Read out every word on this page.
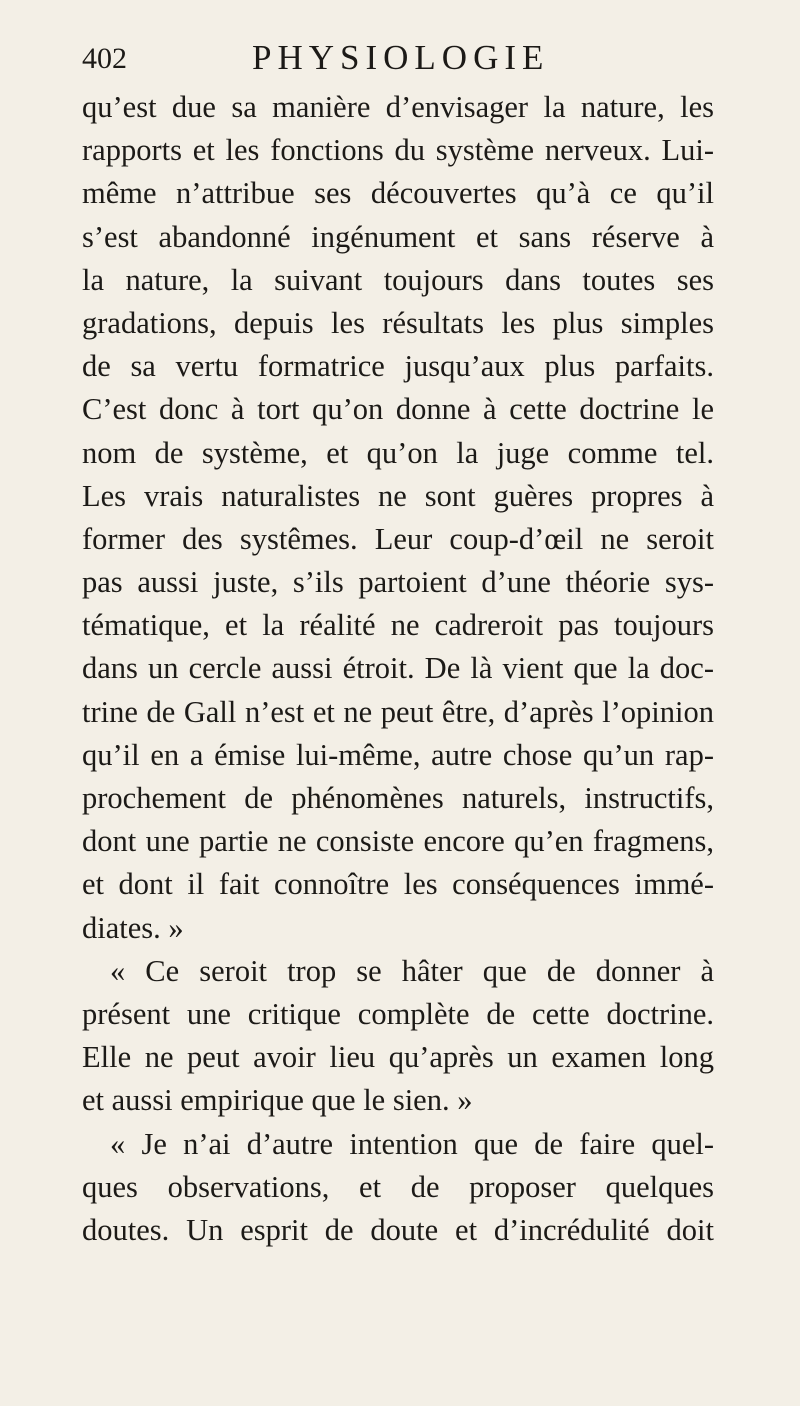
402	PHYSIOLOGIE
qu’est due sa manière d’envisager la nature, les
rapports et les fonctions du système nerveux. Lui-
même n’attribue ses découvertes qu’à ce qu’il
s’est abandonné ingénument et sans réserve à
la nature, la suivant toujours dans toutes ses
gradations, depuis les résultats les plus simples
de sa vertu formatrice jusqu’aux plus parfaits.
C’est donc à tort qu’on donne à cette doctrine le
nom de système, et qu’on la juge comme tel.
Les vrais naturalistes ne sont guères propres à
former des systêmes. Leur coup-d’œil ne seroit
pas aussi juste, s’ils partoient d’une théorie sys-
tématique, et la réalité ne cadreroit pas toujours
dans un cercle aussi étroit. De là vient que la doc-
trine de Gall n’est et ne peut être, d’après l’opinion
qu’il en a émise lui-même, autre chose qu’un rap-
prochement de phénomènes naturels, instructifs,
dont une partie ne consiste encore qu’en fragmens,
et dont il fait connoître les conséquences immé-
diates. »
« Ce seroit trop se hâter que de donner à
présent une critique complète de cette doctrine.
Elle ne peut avoir lieu qu’après un examen long
et aussi empirique que le sien. »
« Je n’ai d’autre intention que de faire quel-
ques observations, et de proposer quelques
doutes. Un esprit de doute et d’incrédulité doit
